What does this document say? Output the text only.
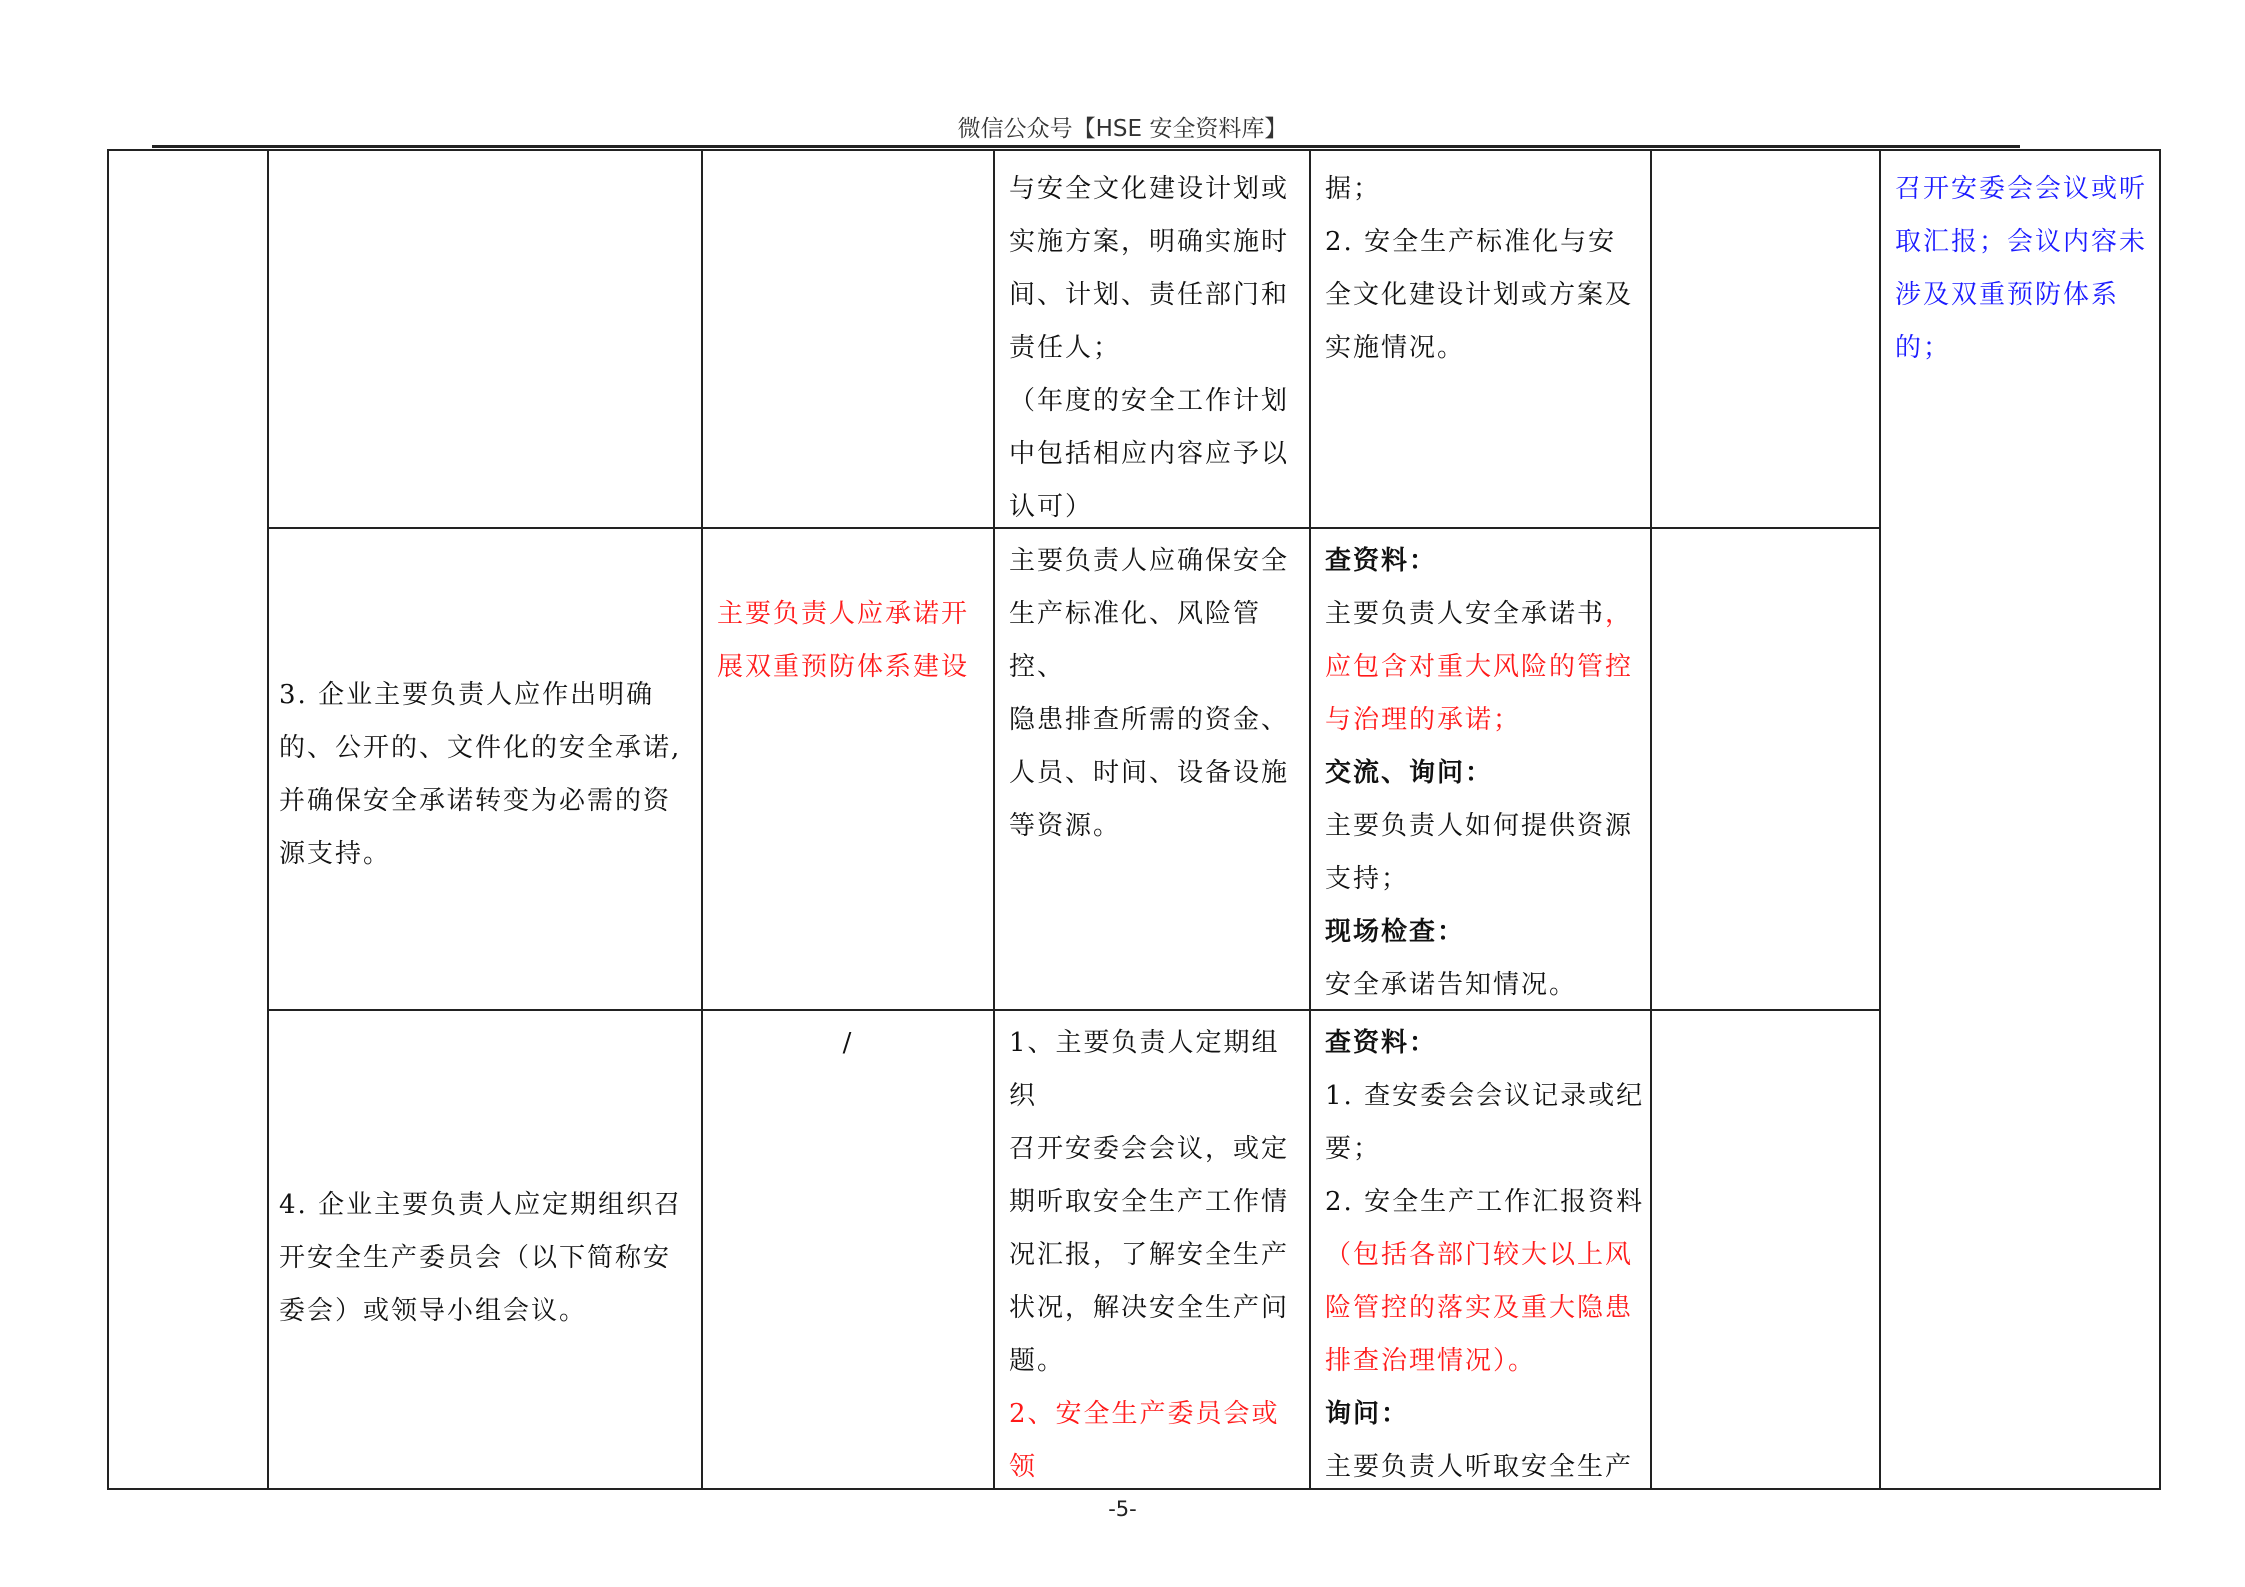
微信公众号【HSE 安全资料库】

与安全文化建设计划或

实施方案，明确实施时

间、计划、责任部门和

责任人；

（年度的安全工作计划

中包括相应内容应予以

认可）

据；

2. 安全生产标准化与安

全文化建设计划或方案及

实施情况。

召开安委会会议或听

取汇报；会议内容未

涉及双重预防体系

的；

3. 企业主要负责人应作出明确

的、公开的、文件化的安全承诺,

并确保安全承诺转变为必需的资

源支持。

主要负责人应承诺开

展双重预防体系建设

主要负责人应确保安全

生产标准化、风险管控、

隐患排查所需的资金、

人员、时间、设备设施

等资源。

查资料：

主要负责人安全承诺书，

应包含对重大风险的管控

与治理的承诺；

交流、询问：

主要负责人如何提供资源

支持；

现场检查：

安全承诺告知情况。

4. 企业主要负责人应定期组织召

开安全生产委员会（以下简称安

委会）或领导小组会议。

/	1、主要负责人定期组织

召开安委会会议，或定

期听取安全生产工作情

况汇报，了解安全生产

状况，解决安全生产问

题。

2、安全生产委员会或领

查资料：

1. 查安委会会议记录或纪

要；

2. 安全生产工作汇报资料

（包括各部门较大以上风

险管控的落实及重大隐患

排查治理情况）。

询问：

主要负责人听取安全生产

-5-
